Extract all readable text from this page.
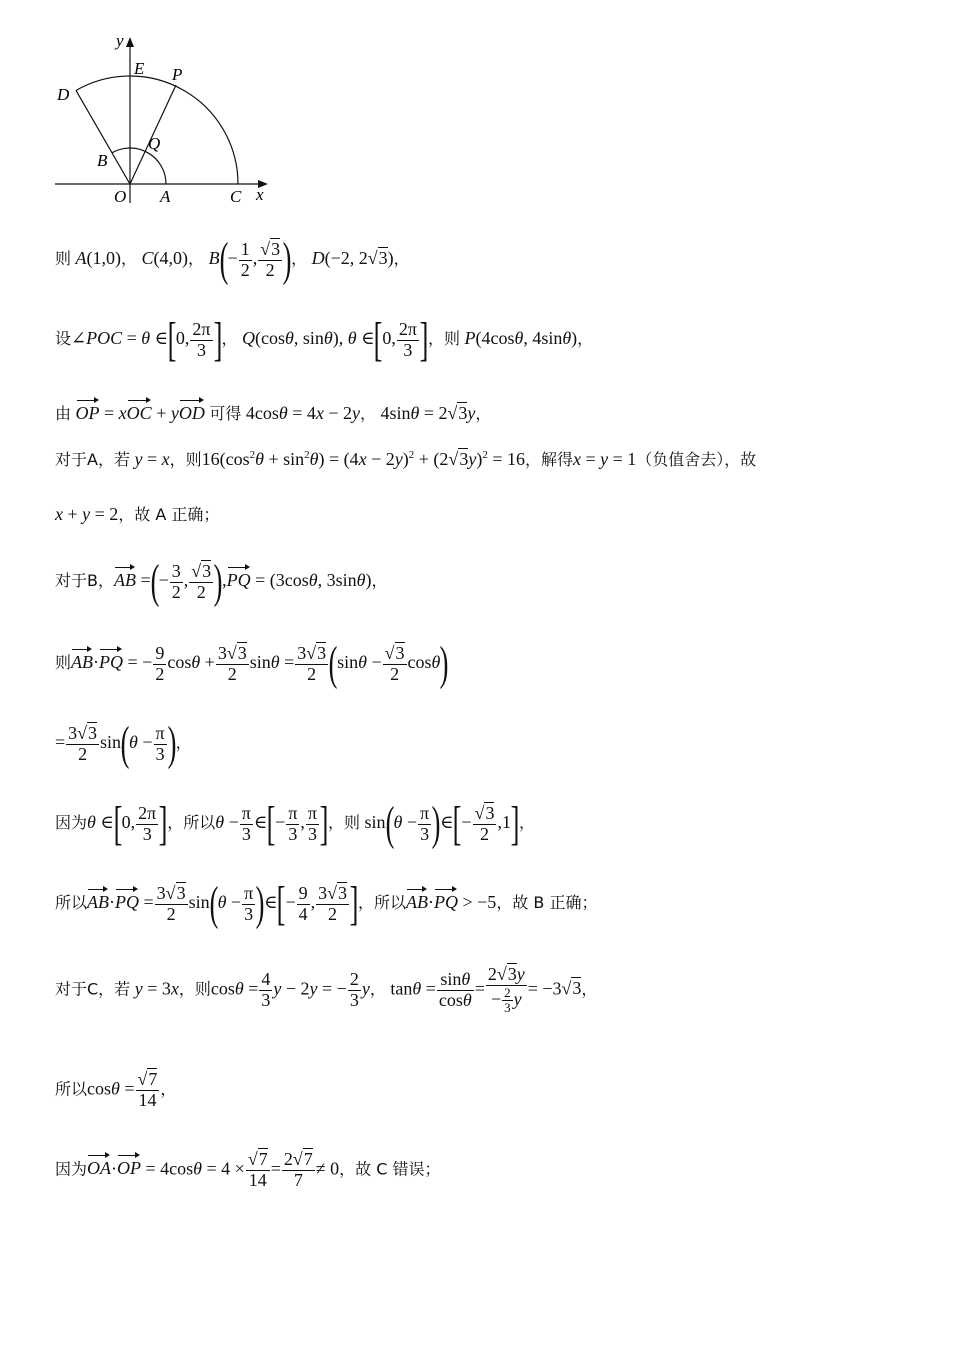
y
E P
D
Q
B
O A	C x
则 A(1,0)， C(4,0)， $B(- \frac{1}{2}$ , $\frac{√3}{2}$ )， D(−2, 2√3)，
设∠POC = θ ∈[0, $\frac{2\pi}{3}$ ]， Q(cosθ, sinθ), θ ∈[0, $\frac{2\pi}{3}$ ]，则 P(4cosθ, 4sinθ)，
由 OP = xOC + yOD 可得 4cosθ = 4x − 2y， 4sinθ = 2√3y，
对于A，若 y = x，则$16(\cos^2\theta + \sin^2\theta) = (4x - 2y)^2 + (2√3y)^2 = 16$，解得x = y = 1（负值舍去），故
x + y = 2，故 A 正确；
对于B，AB =(− $\frac{3}{2}$ , $\frac{√3}{2} ),PQ = (3\cos\theta$, 3sinθ)，
则AB·PQ = − $\frac{9}{2}$ $\cos\theta + \frac{3√3}{2}$ $\sin\theta = \frac{3√3}{2} (\sin\theta - \frac{√3}{2} \cos\theta)$
= $\frac{3√3}{2} \sin(\theta - \frac{\pi}{3}$ )，
因为θ ∈[0, $\frac{2\pi}{3}$ ]，所以$\theta - \frac{\pi}{3}$ ∈[− $\frac{\pi}{3}$ , $\frac{\pi}{3}$ ]，则 $\sin(\theta - \frac{\pi}{3}$ )∈[− $\frac{√3}{2} ,1$]，
所以$AB\cdot PQ = \frac{3√3}{2} \sin(\theta - \frac{\pi}{3}$ )∈[− $\frac{9}{4}$ , $\frac{3√3}{2}$ ]，所以AB·PQ > −5，故 B 正确；
对于C，若 y = 3x，则$\cos\theta = \frac{4}{3}$ y − 2y = − $\frac{2}{3}$ y， $\tan\theta = \frac{\sin\theta}{\cos\theta} = \frac{2√3y}{- \frac{2}{3} y} = -3√3$，
所以$\cos\theta = \frac{√7}{14}$ ，
因为$OA\cdot OP = 4\cos\theta = 4 \times \frac{√7}{14} = \frac{2√7}{7} \ne 0$，故 C 错误；
